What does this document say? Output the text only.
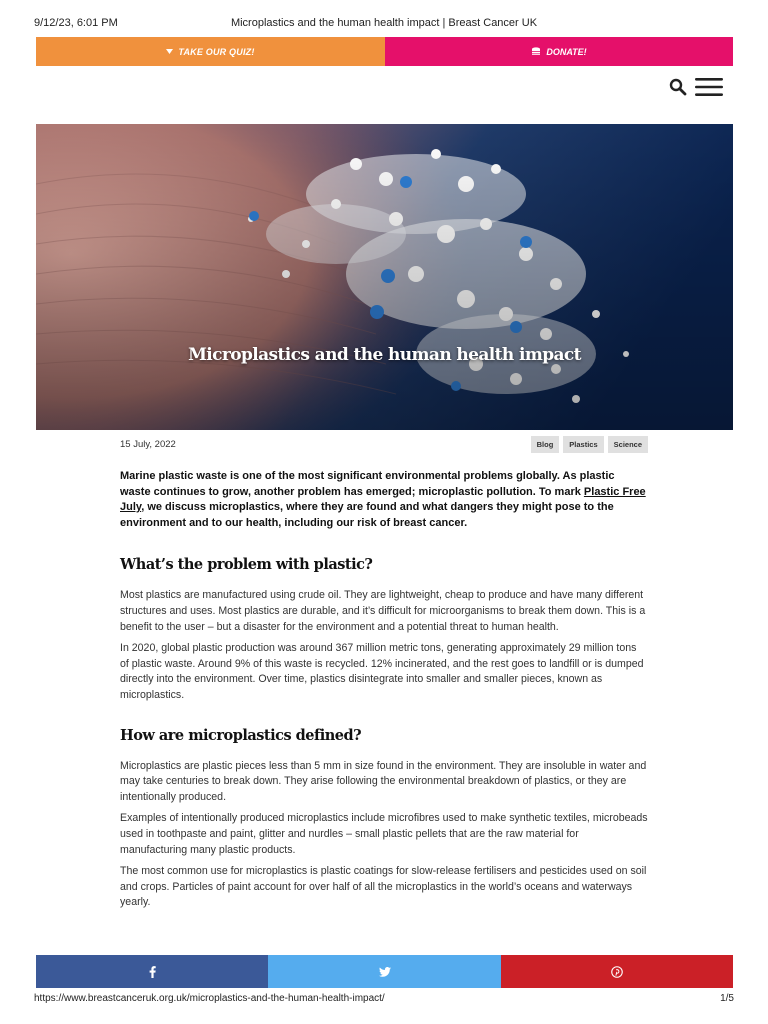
9/12/23, 6:01 PM	Microplastics and the human health impact | Breast Cancer UK
TAKE OUR QUIZ!	DONATE!
Microplastics and the human health impact
15 July, 2022	Blog	Plastics	Science

Marine plastic waste is one of the most significant environmental problems globally. As plastic waste continues to grow, another problem has emerged; microplastic pollution. To mark Plastic Free July, we discuss microplastics, where they are found and what dangers they might pose to the environment and to our health, including our risk of breast cancer.

What’s the problem with plastic?

Most plastics are manufactured using crude oil. They are lightweight, cheap to produce and have many different structures and uses. Most plastics are durable, and it’s difficult for microorganisms to break them down. This is a benefit to the user – but a disaster for the environment and a potential threat to human health.

In 2020, global plastic production was around 367 million metric tons, generating approximately 29 million tons of plastic waste. Around 9% of this waste is recycled. 12% incinerated, and the rest goes to landfill or is dumped directly into the environment. Over time, plastics disintegrate into smaller and smaller pieces, known as microplastics.

How are microplastics defined?

Microplastics are plastic pieces less than 5 mm in size found in the environment. They are insoluble in water and may take centuries to break down. They arise following the environmental breakdown of plastics, or they are intentionally produced.

Examples of intentionally produced microplastics include microfibres used to make synthetic textiles, microbeads used in toothpaste and paint, glitter and nurdles – small plastic pellets that are the raw material for manufacturing many plastic products.

The most common use for microplastics is plastic coatings for slow-release fertilisers and pesticides used on soil and crops. Particles of paint account for over half of all the microplastics in the world’s oceans and waterways yearly.

https://www.breastcanceruk.org.uk/microplastics-and-the-human-health-impact/	1/5
